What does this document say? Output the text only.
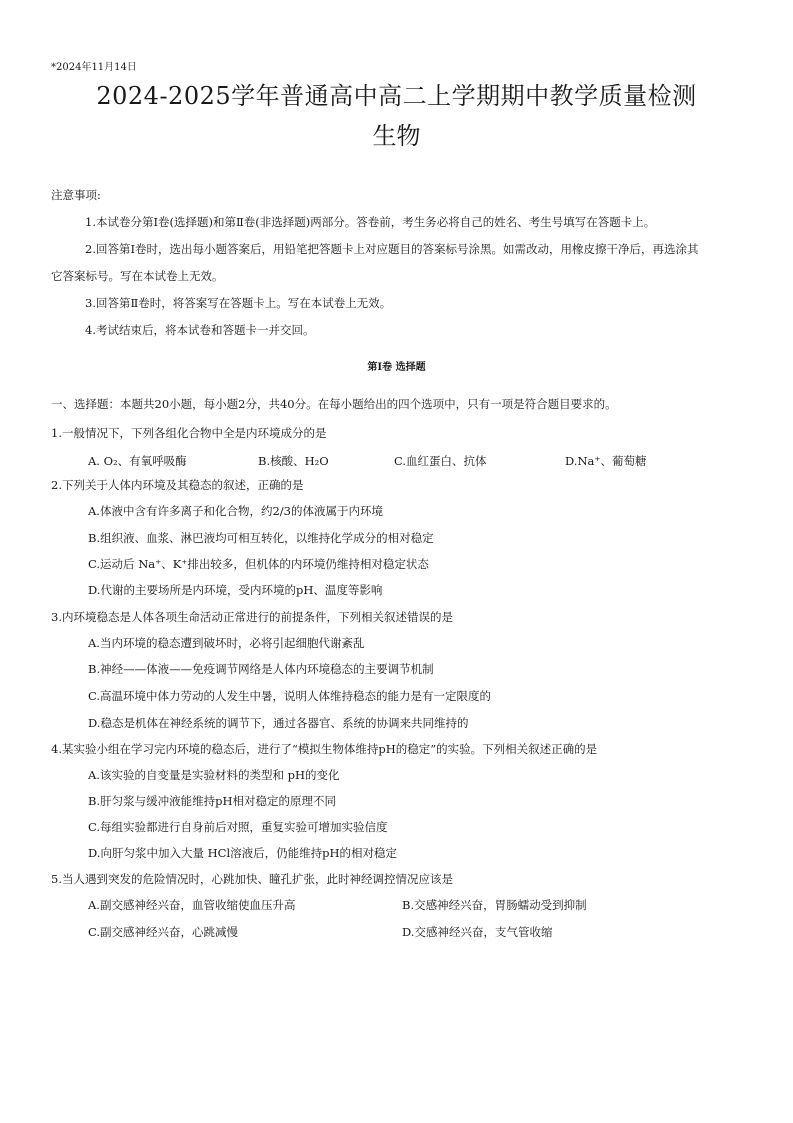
*2024年11月14日
2024-2025学年普通高中高二上学期期中教学质量检测
生物
注意事项:
1.本试卷分第Ⅰ卷(选择题)和第Ⅱ卷(非选择题)两部分。答卷前，考生务必将自己的姓名、考生号填写在答题卡上。
2.回答第Ⅰ卷时，选出每小题答案后，用铅笔把答题卡上对应题目的答案标号涂黑。如需改动，用橡皮擦干净后，再选涂其
它答案标号。写在本试卷上无效。
3.回答第Ⅱ卷时，将答案写在答题卡上。写在本试卷上无效。
4.考试结束后，将本试卷和答题卡一并交回。
第Ⅰ卷 选择题
一、选择题：本题共20小题，每小题2分，共40分。在每小题给出的四个选项中，只有一项是符合题目要求的。
1.一般情况下，下列各组化合物中全是内环境成分的是
A. O₂、有氧呼吸酶	B.核酸、H₂O	C.血红蛋白、抗体	D.Na⁺、葡萄糖
2.下列关于人体内环境及其稳态的叙述，正确的是
A.体液中含有许多离子和化合物，约2/3的体液属于内环境
B.组织液、血浆、淋巴液均可相互转化，以维持化学成分的相对稳定
C.运动后 Na⁺、K⁺排出较多，但机体的内环境仍维持相对稳定状态
D.代谢的主要场所是内环境，受内环境的pH、温度等影响
3.内环境稳态是人体各项生命活动正常进行的前提条件，下列相关叙述错误的是
A.当内环境的稳态遭到破坏时，必将引起细胞代谢紊乱
B.神经——体液——免疫调节网络是人体内环境稳态的主要调节机制
C.高温环境中体力劳动的人发生中暑，说明人体维持稳态的能力是有一定限度的
D.稳态是机体在神经系统的调节下，通过各器官、系统的协调来共同维持的
4.某实验小组在学习完内环境的稳态后，进行了“模拟生物体维持pH的稳定”的实验。下列相关叙述正确的是
A.该实验的自变量是实验材料的类型和 pH的变化
B.肝匀浆与缓冲液能维持pH相对稳定的原理不同
C.每组实验都进行自身前后对照，重复实验可增加实验信度
D.向肝匀浆中加入大量 HCl溶液后，仍能维持pH的相对稳定
5.当人遇到突发的危险情况时，心跳加快、瞳孔扩张，此时神经调控情况应该是
A.副交感神经兴奋，血管收缩使血压升高	B.交感神经兴奋，胃肠蠕动受到抑制
C.副交感神经兴奋，心跳减慢	D.交感神经兴奋，支气管收缩
